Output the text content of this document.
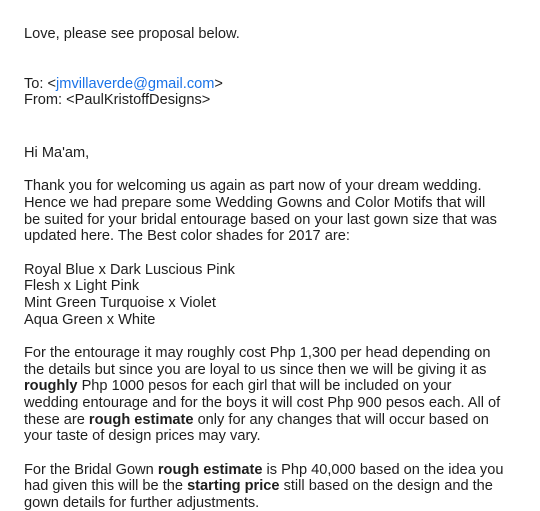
Love, please see proposal below.
To: <jmvillaverde@gmail.com>
From: <PaulKristoffDesigns>
Hi Ma'am,
Thank you for welcoming us again as part now of your dream wedding.
Hence we had prepare some Wedding Gowns and Color Motifs that will
be suited for your bridal entourage based on your last gown size that was
updated here. The Best color shades for 2017 are:
Royal Blue x Dark Luscious Pink
Flesh x Light Pink
Mint Green Turquoise x Violet
Aqua Green x White
For the entourage it may roughly cost Php 1,300 per head depending on
the details but since you are loyal to us since then we will be giving it as
roughly Php 1000 pesos for each girl that will be included on your
wedding entourage and for the boys it will cost Php 900 pesos each. All of
these are rough estimate only for any changes that will occur based on
your taste of design prices may vary.
For the Bridal Gown rough estimate is Php 40,000 based on the idea you
had given this will be the starting price still based on the design and the
gown details for further adjustments.
